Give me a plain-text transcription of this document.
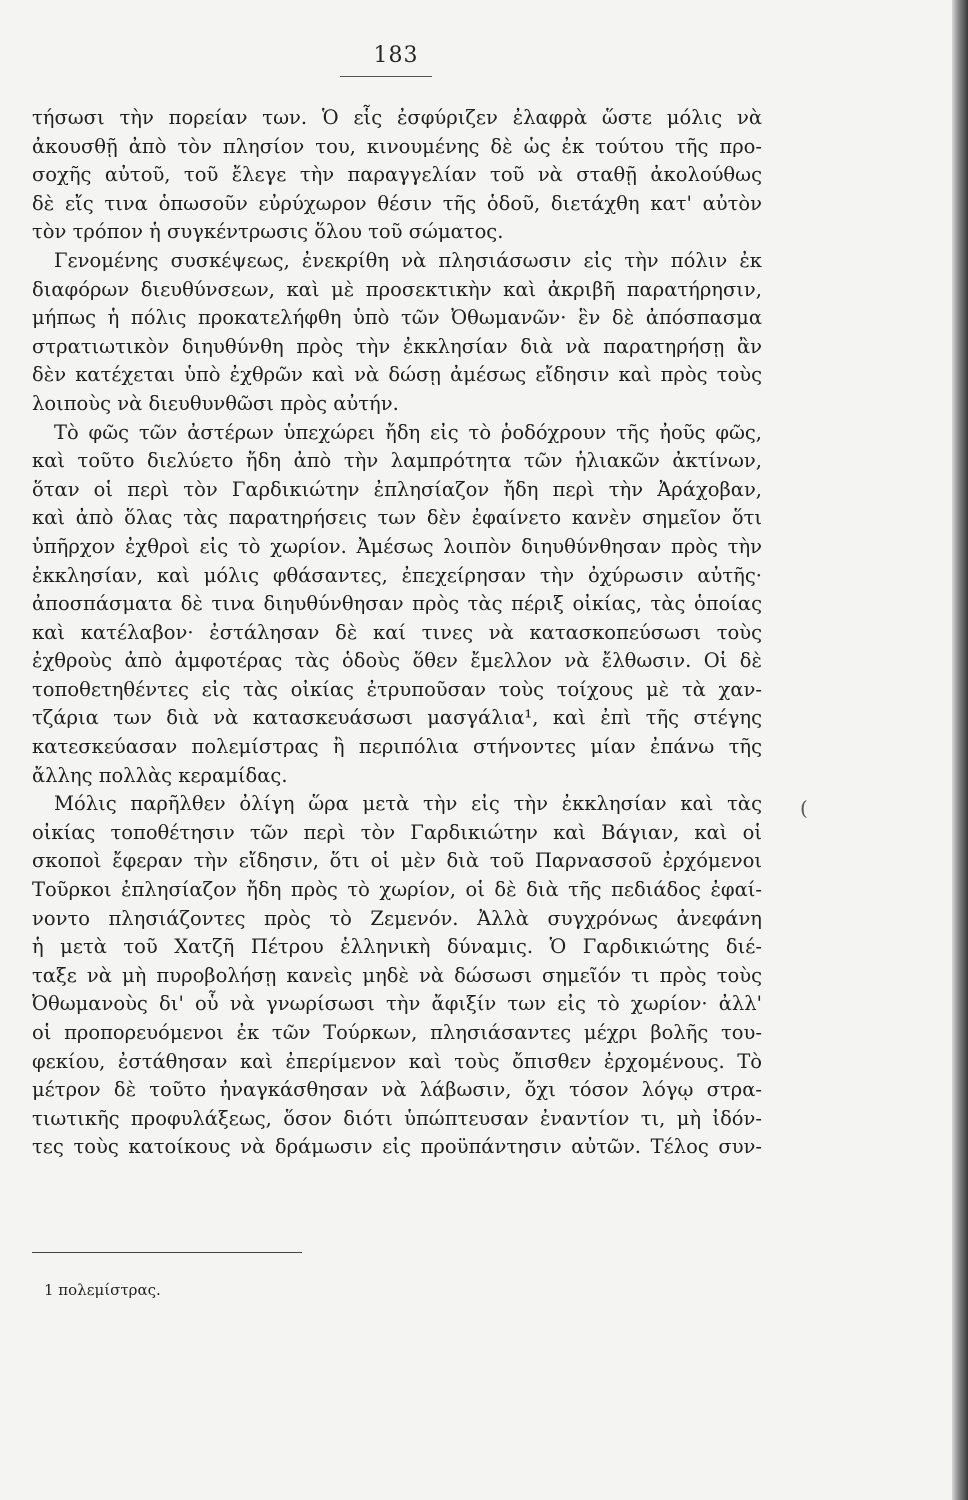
183
τήσωσι τὴν πορείαν των. Ὁ εἷς ἐσφύριζεν ἐλαφρὰ ὥστε μόλις νὰ
ἀκουσθῇ ἀπὸ τὸν πλησίον του, κινουμένης δὲ ὡς ἐκ τούτου τῆς προ-
σοχῆς αὐτοῦ, τοῦ ἔλεγε τὴν παραγγελίαν τοῦ νὰ σταθῇ ἀκολούθως
δὲ εἴς τινα ὁπωσοῦν εὐρύχωρον θέσιν τῆς ὁδοῦ, διετάχθη κατ' αὐτὸν
τὸν τρόπον ἡ συγκέντρωσις ὅλου τοῦ σώματος.
Γενομένης συσκέψεως, ἐνεκρίθη νὰ πλησιάσωσιν εἰς τὴν πόλιν ἐκ
διαφόρων διευθύνσεων, καὶ μὲ προσεκτικὴν καὶ ἀκριβῆ παρατήρησιν,
μήπως ἡ πόλις προκατελήφθη ὑπὸ τῶν Ὀθωμανῶν· ἓν δὲ ἀπόσπασμα
στρατιωτικὸν διηυθύνθη πρὸς τὴν ἐκκλησίαν διὰ νὰ παρατηρήσῃ ἂν
δὲν κατέχεται ὑπὸ ἐχθρῶν καὶ νὰ δώσῃ ἀμέσως εἴδησιν καὶ πρὸς τοὺς
λοιποὺς νὰ διευθυνθῶσι πρὸς αὐτήν.
Τὸ φῶς τῶν ἀστέρων ὑπεχώρει ἤδη εἰς τὸ ῥοδόχρουν τῆς ἠοῦς φῶς,
καὶ τοῦτο διελύετο ἤδη ἀπὸ τὴν λαμπρότητα τῶν ἡλιακῶν ἀκτίνων,
ὅταν οἱ περὶ τὸν Γαρδικιώτην ἐπλησίαζον ἤδη περὶ τὴν Ἀράχοβαν,
καὶ ἀπὸ ὅλας τὰς παρατηρήσεις των δὲν ἐφαίνετο κανὲν σημεῖον ὅτι
ὑπῆρχον ἐχθροὶ εἰς τὸ χωρίον. Ἀμέσως λοιπὸν διηυθύνθησαν πρὸς τὴν
ἐκκλησίαν, καὶ μόλις φθάσαντες, ἐπεχείρησαν τὴν ὀχύρωσιν αὐτῆς·
ἀποσπάσματα δὲ τινα διηυθύνθησαν πρὸς τὰς πέριξ οἰκίας, τὰς ὁποίας
καὶ κατέλαβον· ἐστάλησαν δὲ καί τινες νὰ κατασκοπεύσωσι τοὺς
ἐχθροὺς ἀπὸ ἀμφοτέρας τὰς ὁδοὺς ὅθεν ἔμελλον νὰ ἔλθωσιν. Οἱ δὲ
τοποθετηθέντες εἰς τὰς οἰκίας ἐτρυποῦσαν τοὺς τοίχους μὲ τὰ χαν-
τζάρια των διὰ νὰ κατασκευάσωσι μασγάλια¹, καὶ ἐπὶ τῆς στέγης
κατεσκεύασαν πολεμίστρας ἢ περιπόλια στήνοντες μίαν ἐπάνω τῆς
ἄλλης πολλὰς κεραμίδας.
Μόλις παρῆλθεν ὀλίγη ὥρα μετὰ τὴν εἰς τὴν ἐκκλησίαν καὶ τὰς
οἰκίας τοποθέτησιν τῶν περὶ τὸν Γαρδικιώτην καὶ Βάγιαν, καὶ οἱ
σκοποὶ ἔφεραν τὴν εἴδησιν, ὅτι οἱ μὲν διὰ τοῦ Παρνασσοῦ ἐρχόμενοι
Τοῦρκοι ἐπλησίαζον ἤδη πρὸς τὸ χωρίον, οἱ δὲ διὰ τῆς πεδιάδος ἐφαί-
νοντο πλησιάζοντες πρὸς τὸ Ζεμενόν. Ἀλλὰ συγχρόνως ἀνεφάνη
ἡ μετὰ τοῦ Χατζῆ Πέτρου ἑλληνικὴ δύναμις. Ὁ Γαρδικιώτης διέ-
ταξε νὰ μὴ πυροβολήσῃ κανεὶς μηδὲ νὰ δώσωσι σημεῖόν τι πρὸς τοὺς
Ὀθωμανοὺς δι' οὗ νὰ γνωρίσωσι τὴν ἄφιξίν των εἰς τὸ χωρίον· ἀλλ'
οἱ προπορευόμενοι ἐκ τῶν Τούρκων, πλησιάσαντες μέχρι βολῆς του-
φεκίου, ἐστάθησαν καὶ ἐπερίμενον καὶ τοὺς ὄπισθεν ἐρχομένους. Τὸ
μέτρον δὲ τοῦτο ἠναγκάσθησαν νὰ λάβωσιν, ὄχι τόσον λόγῳ στρα-
τιωτικῆς προφυλάξεως, ὅσον διότι ὑπώπτευσαν ἐναντίον τι, μὴ ἰδόν-
τες τοὺς κατοίκους νὰ δράμωσιν εἰς προϋπάντησιν αὐτῶν. Τέλος συν-
(
1 πολεμίστρας.
